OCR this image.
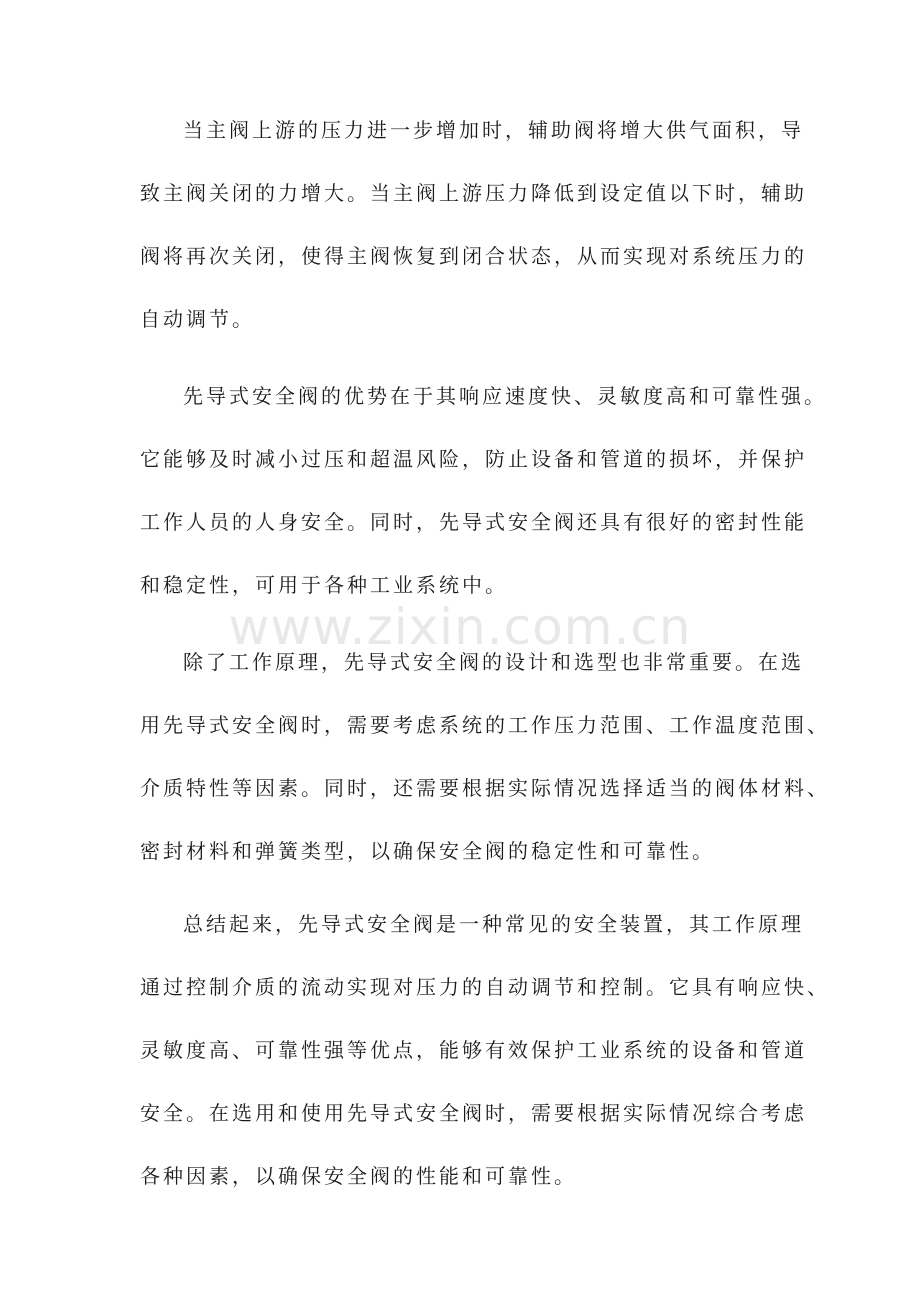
www.zixin.com.cn
当主阀上游的压力进一步增加时，辅助阀将增大供气面积，导
致主阀关闭的力增大。当主阀上游压力降低到设定值以下时，辅助
阀将再次关闭，使得主阀恢复到闭合状态，从而实现对系统压力的
自动调节。
先导式安全阀的优势在于其响应速度快、灵敏度高和可靠性强。
它能够及时减小过压和超温风险，防止设备和管道的损坏，并保护
工作人员的人身安全。同时，先导式安全阀还具有很好的密封性能
和稳定性，可用于各种工业系统中。
除了工作原理，先导式安全阀的设计和选型也非常重要。在选
用先导式安全阀时，需要考虑系统的工作压力范围、工作温度范围、
介质特性等因素。同时，还需要根据实际情况选择适当的阀体材料、
密封材料和弹簧类型，以确保安全阀的稳定性和可靠性。
总结起来，先导式安全阀是一种常见的安全装置，其工作原理
通过控制介质的流动实现对压力的自动调节和控制。它具有响应快、
灵敏度高、可靠性强等优点，能够有效保护工业系统的设备和管道
安全。在选用和使用先导式安全阀时，需要根据实际情况综合考虑
各种因素，以确保安全阀的性能和可靠性。
